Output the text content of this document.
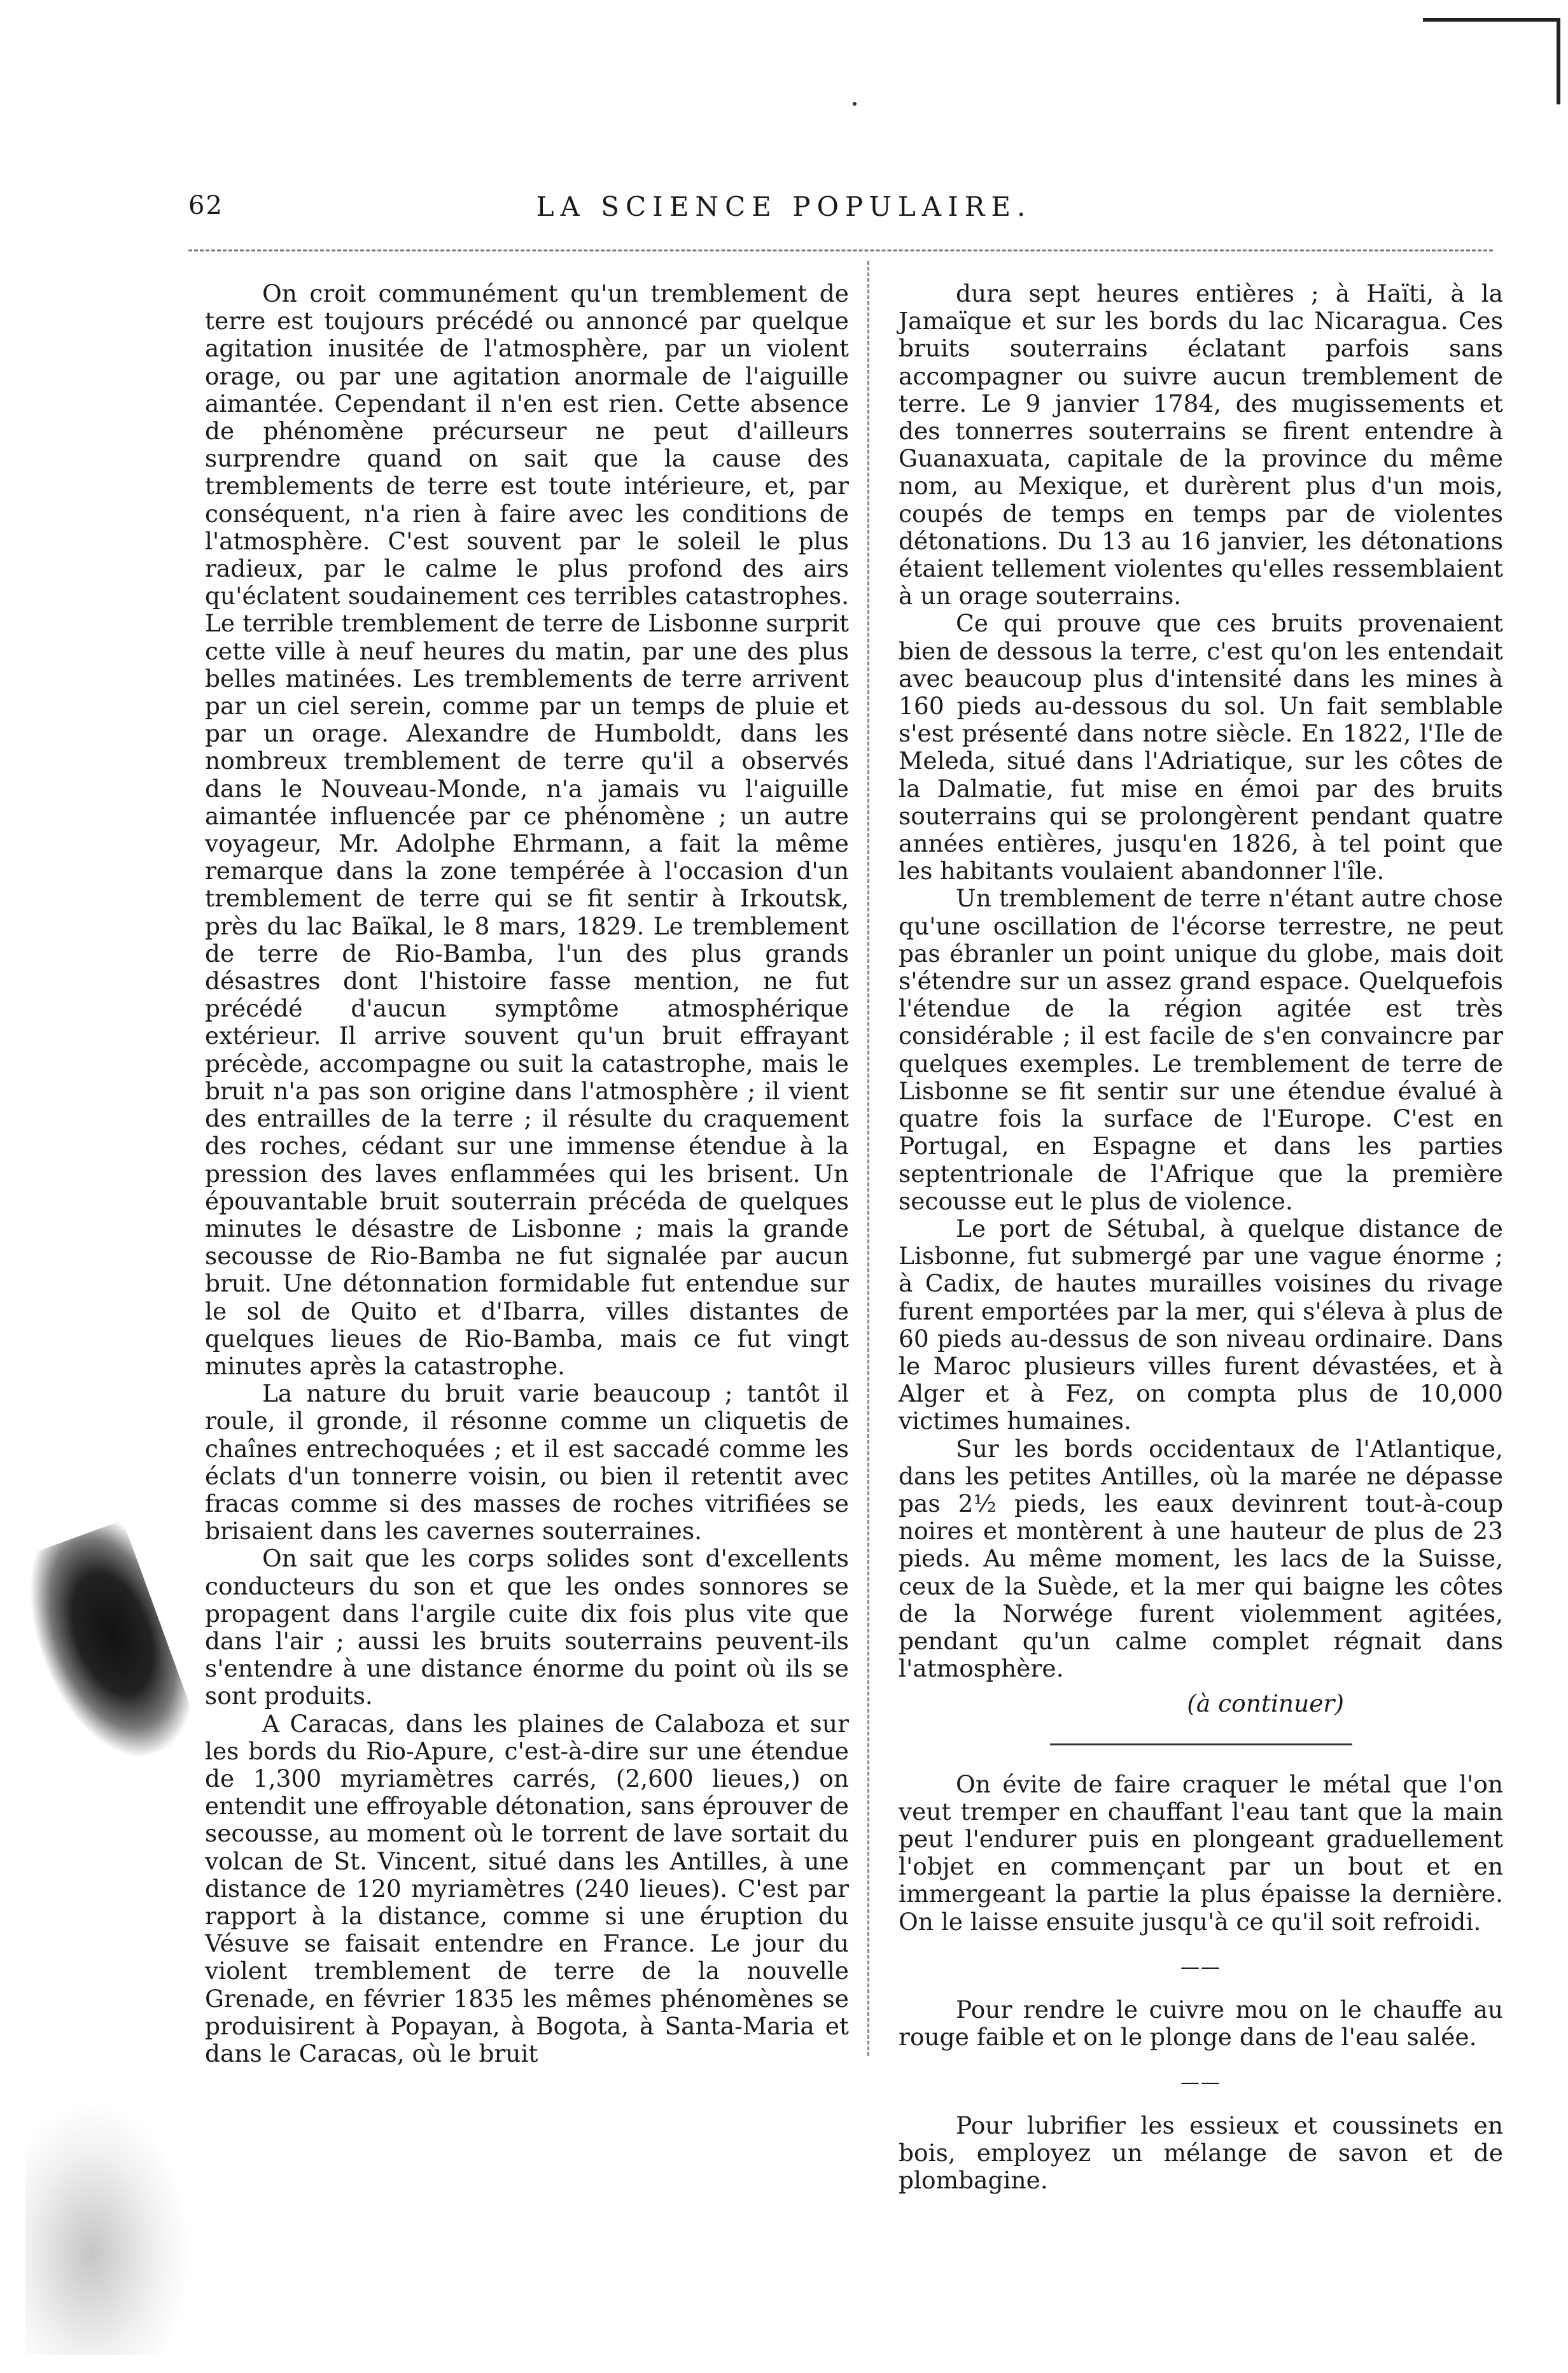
62	LA SCIENCE POPULAIRE.

On croit communément qu'un tremblement de terre est toujours précédé ou annoncé par quelque agitation inusitée de l'atmosphère, par un violent orage, ou par une agitation anormale de l'aiguille aimantée. Cependant il n'en est rien. Cette absence de phénomène précurseur ne peut d'ailleurs surprendre quand on sait que la cause des tremblements de terre est toute intérieure, et, par conséquent, n'a rien à faire avec les conditions de l'atmosphère. C'est souvent par le soleil le plus radieux, par le calme le plus profond des airs qu'éclatent soudainement ces terribles catastrophes. Le terrible tremblement de terre de Lisbonne surprit cette ville à neuf heures du matin, par une des plus belles matinées. Les tremblements de terre arrivent par un ciel serein, comme par un temps de pluie et par un orage. Alexandre de Humboldt, dans les nombreux tremblement de terre qu'il a observés dans le Nouveau-Monde, n'a jamais vu l'aiguille aimantée influencée par ce phénomène ; un autre voyageur, Mr. Adolphe Ehrmann, a fait la même remarque dans la zone tempérée à l'occasion d'un tremblement de terre qui se fit sentir à Irkoutsk, près du lac Baïkal, le 8 mars, 1829. Le tremblement de terre de Rio-Bamba, l'un des plus grands désastres dont l'histoire fasse mention, ne fut précédé d'aucun symptôme atmosphérique extérieur. Il arrive souvent qu'un bruit effrayant précède, accompagne ou suit la catastrophe, mais le bruit n'a pas son origine dans l'atmosphère ; il vient des entrailles de la terre ; il résulte du craquement des roches, cédant sur une immense étendue à la pression des laves enflammées qui les brisent. Un épouvantable bruit souterrain précéda de quelques minutes le désastre de Lisbonne ; mais la grande secousse de Rio-Bamba ne fut signalée par aucun bruit. Une détonnation formidable fut entendue sur le sol de Quito et d'Ibarra, villes distantes de quelques lieues de Rio-Bamba, mais ce fut vingt minutes après la catastrophe.

La nature du bruit varie beaucoup ; tantôt il roule, il gronde, il résonne comme un cliquetis de chaînes entrechoquées ; et il est saccadé comme les éclats d'un tonnerre voisin, ou bien il retentit avec fracas comme si des masses de roches vitrifiées se brisaient dans les cavernes souterraines.

On sait que les corps solides sont d'excellents conducteurs du son et que les ondes sonnores se propagent dans l'argile cuite dix fois plus vite que dans l'air ; aussi les bruits souterrains peuvent-ils s'entendre à une distance énorme du point où ils se sont produits.

A Caracas, dans les plaines de Calaboza et sur les bords du Rio-Apure, c'est-à-dire sur une étendue de 1,300 myriamètres carrés, (2,600 lieues,) on entendit une effroyable détonation, sans éprouver de secousse, au moment où le torrent de lave sortait du volcan de St. Vincent, situé dans les Antilles, à une distance de 120 myriamètres (240 lieues). C'est par rapport à la distance, comme si une éruption du Vésuve se faisait entendre en France. Le jour du violent tremblement de terre de la nouvelle Grenade, en février 1835 les mêmes phénomènes se produisirent à Popayan, à Bogota, à Santa-Maria et dans le Caracas, où le bruit

dura sept heures entières ; à Haïti, à la Jamaïque et sur les bords du lac Nicaragua. Ces bruits souterrains éclatant parfois sans accompagner ou suivre aucun tremblement de terre. Le 9 janvier 1784, des mugissements et des tonnerres souterrains se firent entendre à Guanaxuata, capitale de la province du même nom, au Mexique, et durèrent plus d'un mois, coupés de temps en temps par de violentes détonations. Du 13 au 16 janvier, les détonations étaient tellement violentes qu'elles ressemblaient à un orage souterrains.

Ce qui prouve que ces bruits provenaient bien de dessous la terre, c'est qu'on les entendait avec beaucoup plus d'intensité dans les mines à 160 pieds au-dessous du sol. Un fait semblable s'est présenté dans notre siècle. En 1822, l'Ile de Meleda, situé dans l'Adriatique, sur les côtes de la Dalmatie, fut mise en émoi par des bruits souterrains qui se prolongèrent pendant quatre années entières, jusqu'en 1826, à tel point que les habitants voulaient abandonner l'île.

Un tremblement de terre n'étant autre chose qu'une oscillation de l'écorse terrestre, ne peut pas ébranler un point unique du globe, mais doit s'étendre sur un assez grand espace. Quelquefois l'étendue de la région agitée est très considérable ; il est facile de s'en convaincre par quelques exemples. Le tremblement de terre de Lisbonne se fit sentir sur une étendue évalué à quatre fois la surface de l'Europe. C'est en Portugal, en Espagne et dans les parties septentrionale de l'Afrique que la première secousse eut le plus de violence.

Le port de Sétubal, à quelque distance de Lisbonne, fut submergé par une vague énorme ; à Cadix, de hautes murailles voisines du rivage furent emportées par la mer, qui s'éleva à plus de 60 pieds au-dessus de son niveau ordinaire. Dans le Maroc plusieurs villes furent dévastées, et à Alger et à Fez, on compta plus de 10,000 victimes humaines.

Sur les bords occidentaux de l'Atlantique, dans les petites Antilles, où la marée ne dépasse pas 2½ pieds, les eaux devinrent tout-à-coup noires et montèrent à une hauteur de plus de 23 pieds. Au même moment, les lacs de la Suisse, ceux de la Suède, et la mer qui baigne les côtes de la Norwége furent violemment agitées, pendant qu'un calme complet régnait dans l'atmosphère.

(à continuer)

On évite de faire craquer le métal que l'on veut tremper en chauffant l'eau tant que la main peut l'endurer puis en plongeant graduellement l'objet en commençant par un bout et en immergeant la partie la plus épaisse la dernière. On le laisse ensuite jusqu'à ce qu'il soit refroidi.

——

Pour rendre le cuivre mou on le chauffe au rouge faible et on le plonge dans de l'eau salée.

——

Pour lubrifier les essieux et coussinets en bois, employez un mélange de savon et de plombagine.
